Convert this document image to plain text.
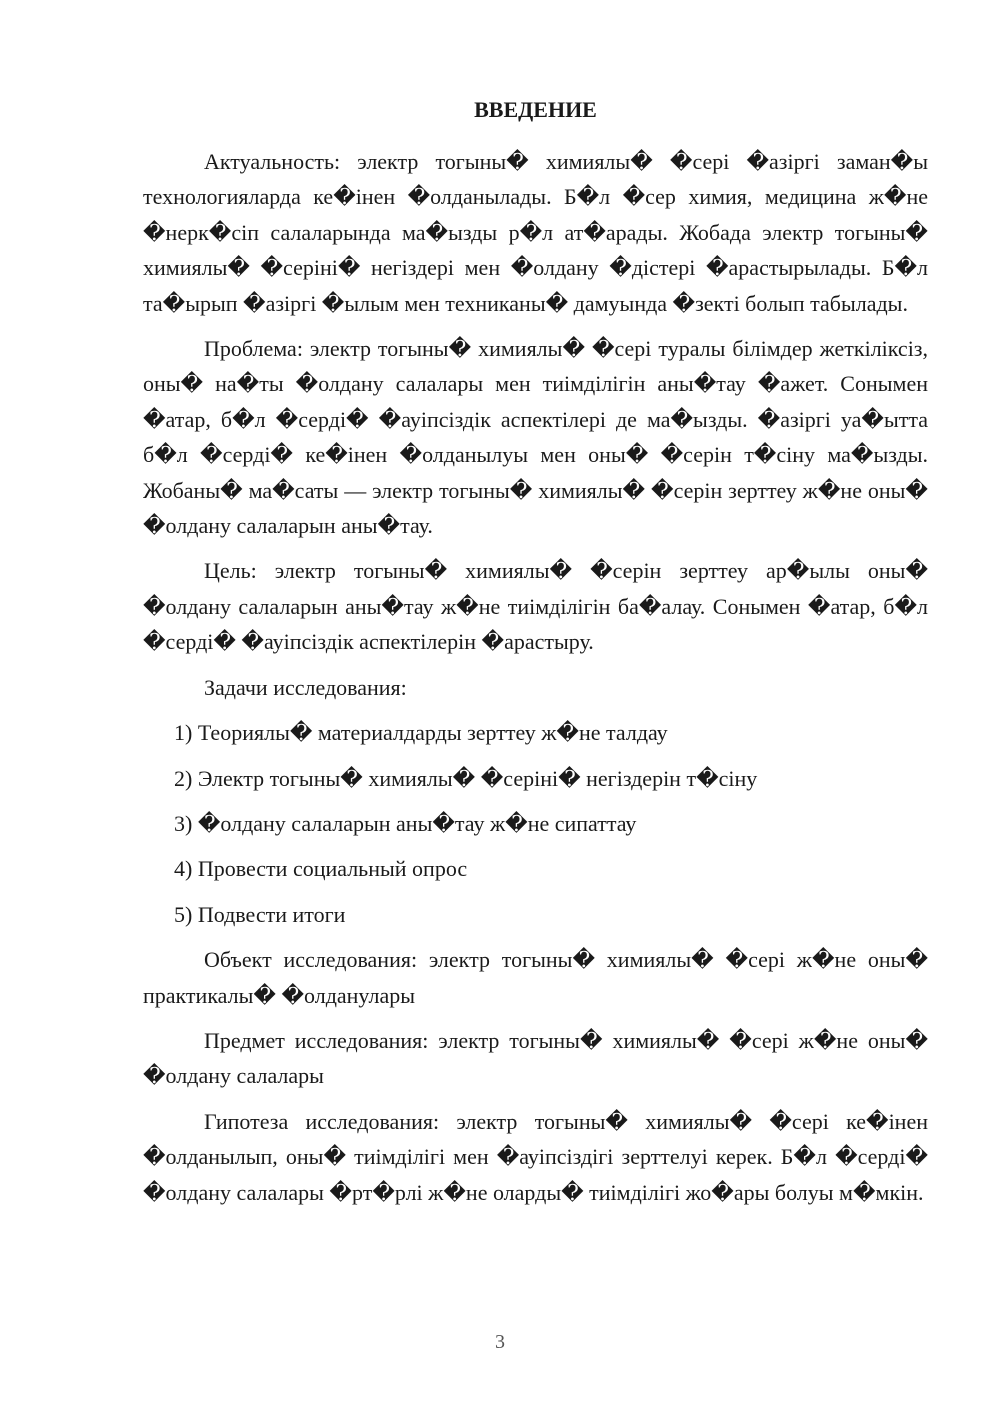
ВВЕДЕНИЕ

Актуальность: электр тогыны� химиялы� �сері �азіргі заман�ы технологияларда ке�інен �олданылады. Б�л �сер химия, медицина ж�не �нерк�сіп салаларында ма�ызды р�л ат�арады. Жобада электр тогыны� химиялы� �серіні� негіздері мен �олдану �дістері �арастырылады. Б�л та�ырып �азіргі �ылым мен техниканы� дамуында �зекті болып табылады.

Проблема: электр тогыны� химиялы� �сері туралы білімдер жеткіліксіз, оны� на�ты �олдану салалары мен тиімділігін аны�тау �ажет. Сонымен �атар, б�л �серді� �ауіпсіздік аспектілері де ма�ызды. �азіргі уа�ытта б�л �серді� ке�інен �олданылуы мен оны� �серін т�сіну ма�ызды. Жобаны� ма�саты — электр тогыны� химиялы� �серін зерттеу ж�не оны� �олдану салаларын аны�тау.

Цель: электр тогыны� химиялы� �серін зерттеу ар�ылы оны� �олдану салаларын аны�тау ж�не тиімділігін ба�алау. Сонымен �атар, б�л �серді� �ауіпсіздік аспектілерін �арастыру.

Задачи исследования:

1) Теориялы� материалдарды зерттеу ж�не талдау

2) Электр тогыны� химиялы� �серіні� негіздерін т�сіну

3) �олдану салаларын аны�тау ж�не сипаттау

4) Провести социальный опрос

5) Подвести итоги

Объект исследования: электр тогыны� химиялы� �сері ж�не оны� практикалы� �олданулары

Предмет исследования: электр тогыны� химиялы� �сері ж�не оны� �олдану салалары

Гипотеза исследования: электр тогыны� химиялы� �сері ке�інен �олданылып, оны� тиімділігі мен �ауіпсіздігі зерттелуі керек. Б�л �серді� �олдану салалары �рт�рлі ж�не оларды� тиімділігі жо�ары болуы м�мкін.

3
